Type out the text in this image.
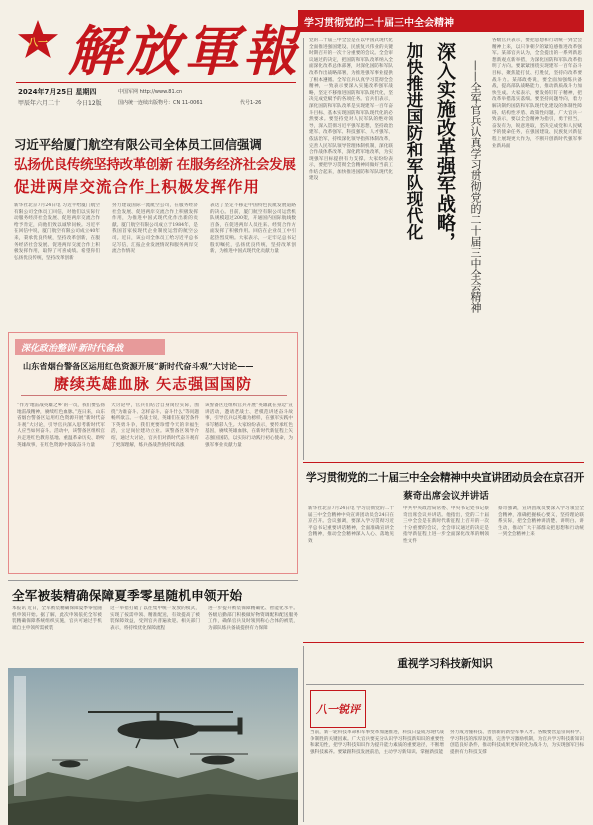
八一 解 放 軍 報
2024年7月25日 星期四
甲辰年六月二十	今日12版
中国军网 http://www.81.cn
国内统一连续出版物号：CN 11-0061	代号1-26
学习贯彻党的二十届三中全会精神
习近平给厦门航空有限公司全体员工回信强调
弘扬优良传统坚持改革创新 在服务经济社会发展
促进两岸交流合作上积极发挥作用
新华社北京7月24日电 习近平给厦门航空有限公司全体员工回信，对他们以实际行动服务经济社会发展、促进两岸交流合作给予肯定，向他们致以诚挚问候。习近平在回信中说，厦门航空有限公司成立40年来，秉承优良传统，坚持改革创新，在服务经济社会发展、促进两岸交流合作上积极发挥作用，取得了可喜成绩。希望你们弘扬优良传统，坚持改革创新
努力建设国际一流航空公司，在服务经济社会发展、促进两岸交流合作上积极发挥作用，为推进中国式现代化作出新的贡献。厦门航空有限公司成立于1984年，是我国首家按现代企业制度运营的航空公司。近日，该公司全体员工给习近平总书记写信，汇报企业发展情况和服务两岸交流合作情况
表达了坚定不移走中国特色民航发展道路的决心。目前，厦门航空有限公司运营机队规模超过200架，开通国内国际航线数百条，在促进两岸人员往来、经贸合作方面发挥了积极作用。回信在企业员工中引起热烈反响。大家表示，一定牢记总书记殷切嘱托，弘扬优良传统，坚持改革创新，为推进中国式现代化贡献力量
党的二十届三中全会是在以中国式现代化全面推进强国建设、民族复兴伟业的关键时期召开的一次十分重要的会议。全会审议通过的决定，把国防和军队改革纳入全面深化改革总体部署，对深化国防和军队改革作出战略部署，为推进强军事业提供了根本遵循。全军官兵认真学习贯彻全会精神，一致表示要深入实施改革强军战略，坚定不移推进国防和军队现代化，坚决完成党赋予的各项任务。官兵们表示，深化国防和军队改革是实现建军一百年奋斗目标、基本实现国防和军队现代化的必然要求。要坚持党对人民军队的绝对领导，深入贯彻习近平强军思想，坚持政治建军、改革强军、科技强军、人才强军、依法治军，持续深化领导指挥体制改革，完善人民军队领导管理体制机制，深化联合作战体系改革，深化跨军地改革，为实现强军目标提供有力支撑。大家纷纷表示，要把学习贯彻全会精神同做好当前工作结合起来，加快推进国防和军队现代化建设	深入实施改革强军战略，
加快推进国防和军队现代化	——全军官兵认真学习贯彻党的二十届三中全会精神
各级官兵表示，要把思想和行动统一到全会精神上来，以只争朝夕的紧迫感推进改革强军。某部官兵认为，全会提出的一系列新思想新观点新举措，为深化国防和军队改革指明了方向。要紧紧围绕实现建军一百年奋斗目标，聚焦能打仗、打胜仗，坚持向改革要战斗力。某部政委说，要全面加强练兵备战，提高部队战略能力，推动新质战斗力加快生成。大家表示，要发扬钉钉子精神，把改革举措落实落细。要坚持问题导向，着力解决制约国防和军队现代化建设的体制性障碍、结构性矛盾、政策性问题。广大官兵一致表示，要以全会精神为指引，勇于担当，奋发有为，锐意进取，坚决完成党和人民赋予的使命任务，在强国建设、民族复兴新征程上展现更大作为，不断开创新时代强军事业新局面
深化政治整训·新时代备战
山东省烟台警备区运用红色资源开展“新时代奋斗观”大讨论——
赓续英雄血脉 矢志强国国防
“作为‘地雷战英雄之乡’的一员，我们要弘扬地雷战精神，赓续红色血脉。”连日来，山东省烟台警备区运用红色资源开展“新时代奋斗观”大讨论，引导官兵深入思考新时代军人应当如何奋斗。活动中，该警备区组织官兵走进红色教育基地、重温革命历史、聆听英雄故事，在红色资源中汲取奋斗力量
大讨论中，官兵们结合自身岗位实际，围绕“为谁奋斗、怎样奋斗、奋斗什么”等问题畅所欲言。一名战士说，英雄们在艰苦条件下英勇斗争，我们更要珍惜今天的幸福生活，立足岗位建功立业。该警备区领导介绍，通过大讨论，官兵们对新时代奋斗观有了更深理解，练兵备战热情持续高涨
该警备区还组织官兵开展“英雄就在身边”宣讲活动，邀请老战士、老模范讲述奋斗故事，引导官兵以英雄为榜样，在强军实践中书写精彩人生。大家纷纷表示，要传承红色基因，赓续英雄血脉，在新时代新征程上矢志强国国防，以实际行动践行初心使命，为强军事业贡献力量
学习贯彻党的二十届三中全会精神中央宣讲团动员会在京召开
蔡奇出席会议并讲话
新华社北京7月24日电 学习贯彻党的二十届三中全会精神中央宣讲团动员会24日在京召开。会议强调，要深入学习贯彻习近平总书记重要讲话精神，全面准确宣讲全会精神，推动全会精神深入人心、落地见效
中共中央政治局常委、中央书记处书记蔡奇出席会议并讲话。他指出，党的二十届三中全会是在新时代新征程上召开的一次十分重要的会议，全会审议通过的决定是指导新征程上进一步全面深化改革的纲领性文件
蔡奇强调，宣讲团成员要深入学习领会全会精神，准确把握核心要义，坚持理论联系实际，把全会精神讲清楚、讲明白、讲生动，推动广大干部群众把思想和行动统一到全会精神上来
全军被装精确保障夏季零星随机申领开始
本报讯 近日，全军被装精确保障夏季零星随机申领开始。据了解，此次申领依托全军被装精确保障系统组织实施，官兵可通过手机端自主申领所需被装
这一举措打破了以往集中统一发放的模式，实现了按需申领、精准配送，有效提高了被装保障效益，受到官兵普遍欢迎。相关部门表示，将持续优化保障流程
进一步提升被装保障精确化、智能化水平。各级后勤部门积极做好物资调配和配送服务工作，确保官兵及时领到称心合体的被装，为部队练兵备战提供有力保障
重视学习科技新知识
八一锐评
当前，新一轮科技革命和军事变革加速推进，科技日益成为现代战争制胜的关键因素。广大官兵要充分认识学习科技新知识的重要性和紧迫性，把学习科技知识作为提升能力素质的重要途径，不断增强科技素养。要紧跟科技发展前沿，主动学习新知识、掌握新技能
努力成为懂科技、善创新的新型军事人才。各级要营造崇尚科学、学习科技的浓厚氛围，完善学习激励机制，为官兵学习科技新知识创造良好条件，推动科技成果更好转化为战斗力，为实现强军目标提供有力科技支撑
